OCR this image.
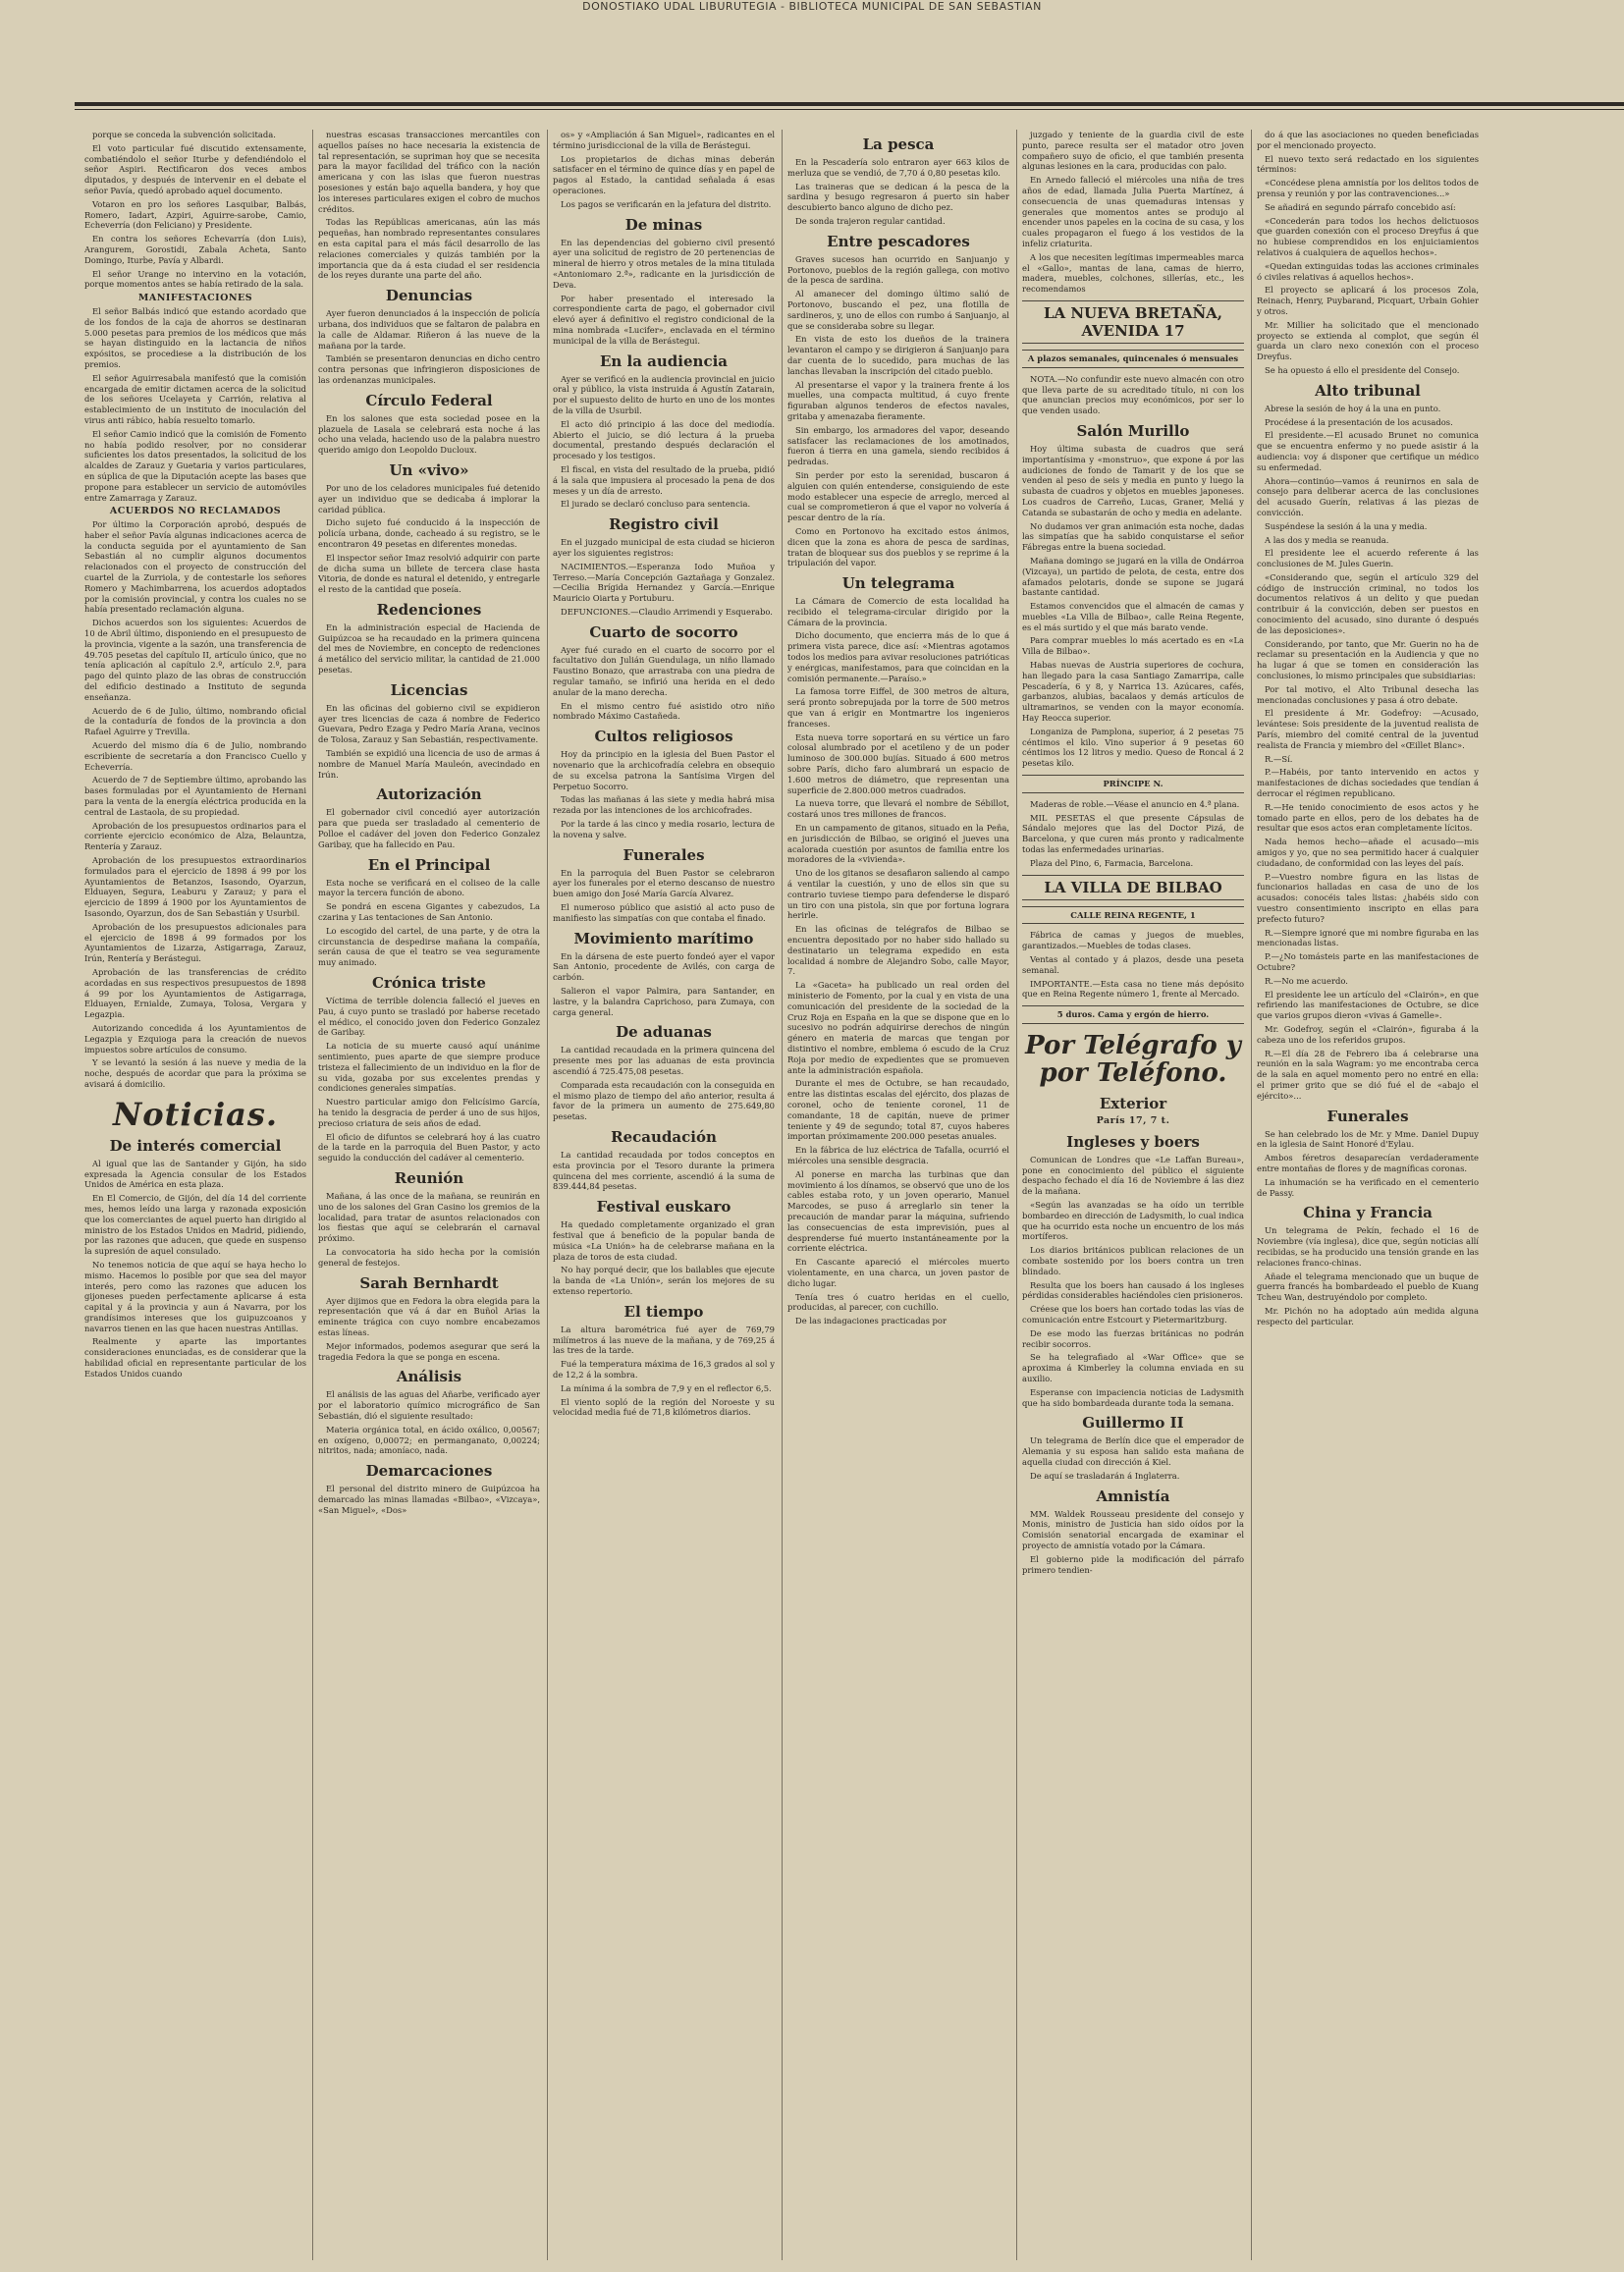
DONOSTIAKO UDAL LIBURUTEGIA - BIBLIOTECA MUNICIPAL DE SAN SEBASTIAN

porque se conceda la subvención solicitada.

El voto particular fué discutido extensamente, combatiéndolo el señor Iturbe y defendiéndolo el señor Aspiri. Rectificaron dos veces ambos diputados, y después de intervenir en el debate el señor Pavía, quedó aprobado aquel documento.

Votaron en pro los señores Lasquibar, Balbás, Romero, Iadart, Azpiri, Aguirre-sarobe, Camio, Echeverría (don Feliciano) y Presidente.

En contra los señores Echevarría (don Luis), Arangurem, Gorostidi, Zabala Acheta, Santo Domingo, Iturbe, Pavía y Albardi.

El señor Urange no intervino en la votación, porque momentos antes se había retirado de la sala.

MANIFESTACIONES

El señor Balbás indicó que estando acordado que de los fondos de la caja de ahorros se destinaran 5.000 pesetas para premios de los médicos que más se hayan distinguido en la lactancia de niños expósitos, se procediese a la distribución de los premios.

El señor Aguirresabala manifestó que la comisión encargada de emitir dictamen acerca de la solicitud de los señores Ucelayeta y Carrión, relativa al establecimiento de un instituto de inoculación del virus anti rábico, había resuelto tomarlo.

El señor Camio indicó que la comisión de Fomento no había podido resolver, por no considerar suficientes los datos presentados, la solicitud de los alcaldes de Zarauz y Guetaria y varios particulares, en súplica de que la Diputación acepte las bases que propone para establecer un servicio de automóviles entre Zamarraga y Zarauz.

ACUERDOS NO RECLAMADOS

Por último la Corporación aprobó, después de haber el señor Pavía algunas indicaciones acerca de la conducta seguida por el ayuntamiento de San Sebastián al no cumplir algunos documentos relacionados con el proyecto de construcción del cuartel de la Zurriola, y de contestarle los señores Romero y Machimbarrena, los acuerdos adoptados por la comisión provincial, y contra los cuales no se había presentado reclamación alguna.

Dichos acuerdos son los siguientes: Acuerdos de 10 de Abril último, disponiendo en el presupuesto de la provincia, vigente a la sazón, una transferencia de 49.705 pesetas del capítulo II, artículo único, que no tenía aplicación al capítulo 2.º, artículo 2.º, para pago del quinto plazo de las obras de construcción del edificio destinado a Instituto de segunda enseñanza.

Acuerdo de 6 de Julio, último, nombrando oficial de la contaduría de fondos de la provincia a don Rafael Aguirre y Trevilla.

Acuerdo del mismo día 6 de Julio, nombrando escribiente de secretaría a don Francisco Cuello y Echeverría.

Acuerdo de 7 de Septiembre último, aprobando las bases formuladas por el Ayuntamiento de Hernani para la venta de la energía eléctrica producida en la central de Lastaola, de su propiedad.

Aprobación de los presupuestos ordinarios para el corriente ejercicio económico de Alza, Belauntza, Rentería y Zarauz.

Aprobación de los presupuestos extraordinarios formulados para el ejercicio de 1898 á 99 por los Ayuntamientos de Betanzos, Isasondo, Oyarzun, Elduayen, Segura, Leaburu y Zarauz; y para el ejercicio de 1899 á 1900 por los Ayuntamientos de Isasondo, Oyarzun, dos de San Sebastián y Usurbil.

Aprobación de los presupuestos adicionales para el ejercicio de 1898 á 99 formados por los Ayuntamientos de Lizarza, Astigarraga, Zarauz, Irún, Rentería y Berástegui.

Aprobación de las transferencias de crédito acordadas en sus respectivos presupuestos de 1898 á 99 por los Ayuntamientos de Astigarraga, Elduayen, Ernialde, Zumaya, Tolosa, Vergara y Legazpia.

Autorizando concedida á los Ayuntamientos de Legazpia y Ezquioga para la creación de nuevos impuestos sobre artículos de consumo.

Y se levantó la sesión á las nueve y media de la noche, después de acordar que para la próxima se avisará á domicilio.

Noticias.
De interés comercial

Al igual que las de Santander y Gijón, ha sido expresada la Agencia consular de los Estados Unidos de América en esta plaza.

En El Comercio, de Gijón, del día 14 del corriente mes, hemos leído una larga y razonada exposición que los comerciantes de aquel puerto han dirigido al ministro de los Estados Unidos en Madrid, pidiendo, por las razones que aducen, que quede en suspenso la supresión de aquel consulado.

No tenemos noticia de que aquí se haya hecho lo mismo. Hacemos lo posible por que sea del mayor interés, pero como las razones que aducen los gijoneses pueden perfectamente aplicarse á esta capital y á la provincia y aun á Navarra, por los grandísimos intereses que los guipuzcoanos y navarros tienen en las que hacen nuestras Antillas.

Realmente y aparte las importantes consideraciones enunciadas, es de considerar que la habilidad oficial en representante particular de los Estados Unidos cuando

nuestras escasas transacciones mercantiles con aquellos países no hace necesaria la existencia de tal representación, se supriman hoy que se necesita para la mayor facilidad del tráfico con la nación americana y con las islas que fueron nuestras posesiones y están bajo aquella bandera, y hoy que los intereses particulares exigen el cobro de muchos créditos.

Todas las Repúblicas americanas, aún las más pequeñas, han nombrado representantes consulares en esta capital para el más fácil desarrollo de las relaciones comerciales y quizás también por la importancia que da á esta ciudad el ser residencia de los reyes durante una parte del año.

Denuncias

Ayer fueron denunciados á la inspección de policía urbana, dos individuos que se faltaron de palabra en la calle de Aldamar. Riñeron á las nueve de la mañana por la tarde.

También se presentaron denuncias en dicho centro contra personas que infringieron disposiciones de las ordenanzas municipales.

Círculo Federal

En los salones que esta sociedad posee en la plazuela de Lasala se celebrará esta noche á las ocho una velada, haciendo uso de la palabra nuestro querido amigo don Leopoldo Ducloux.

Un «vivo»

Por uno de los celadores municipales fué detenido ayer un individuo que se dedicaba á implorar la caridad pública.

Dicho sujeto fué conducido á la inspección de policía urbana, donde, cacheado á su registro, se le encontraron 49 pesetas en diferentes monedas.

El inspector señor Imaz resolvió adquirir con parte de dicha suma un billete de tercera clase hasta Vitoria, de donde es natural el detenido, y entregarle el resto de la cantidad que poseía.

Redenciones

En la administración especial de Hacienda de Guipúzcoa se ha recaudado en la primera quincena del mes de Noviembre, en concepto de redenciones á metálico del servicio militar, la cantidad de 21.000 pesetas.

Licencias

En las oficinas del gobierno civil se expidieron ayer tres licencias de caza á nombre de Federico Guevara, Pedro Ezaga y Pedro María Arana, vecinos de Tolosa, Zarauz y San Sebastián, respectivamente.

También se expidió una licencia de uso de armas á nombre de Manuel María Mauleón, avecindado en Irún.

Autorización

El gobernador civil concedió ayer autorización para que pueda ser trasladado al cementerio de Polloe el cadáver del joven don Federico Gonzalez Garibay, que ha fallecido en Pau.

En el Principal

Esta noche se verificará en el coliseo de la calle mayor la tercera función de abono.

Se pondrá en escena Gigantes y cabezudos, La czarina y Las tentaciones de San Antonio.

Lo escogido del cartel, de una parte, y de otra la circunstancia de despedirse mañana la compañía, serán causa de que el teatro se vea seguramente muy animado.

Crónica triste

Víctima de terrible dolencia falleció el jueves en Pau, á cuyo punto se trasladó por haberse recetado el médico, el conocido joven don Federico Gonzalez de Garibay.

La noticia de su muerte causó aquí unánime sentimiento, pues aparte de que siempre produce tristeza el fallecimiento de un individuo en la flor de su vida, gozaba por sus excelentes prendas y condiciones generales simpatías.

Nuestro particular amigo don Felicísimo García, ha tenido la desgracia de perder á uno de sus hijos, precioso criatura de seis años de edad.

El oficio de difuntos se celebrará hoy á las cuatro de la tarde en la parroquia del Buen Pastor, y acto seguido la conducción del cadáver al cementerio.

Reunión

Mañana, á las once de la mañana, se reunirán en uno de los salones del Gran Casino los gremios de la localidad, para tratar de asuntos relacionados con los fiestas que aquí se celebrarán el carnaval próximo.

La convocatoria ha sido hecha por la comisión general de festejos.

Sarah Bernhardt

Ayer dijimos que en Fedora la obra elegida para la representación que vá á dar en Buñol Arias la eminente trágica con cuyo nombre encabezamos estas líneas.

Mejor informados, podemos asegurar que será la tragedia Fedora la que se ponga en escena.

Análisis

El análisis de las aguas del Añarbe, verificado ayer por el laboratorio químico micrográfico de San Sebastián, dió el siguiente resultado:

Materia orgánica total, en ácido oxálico, 0,00567; en oxígeno, 0,00072; en permanganato, 0,00224; nitritos, nada; amoníaco, nada.

Demarcaciones

El personal del distrito minero de Guipúzcoa ha demarcado las minas llamadas «Bilbao», «Vizcaya», «San Miguel», «Dos»

os» y «Ampliación á San Miguel», radicantes en el término jurisdiccional de la villa de Berástegui.

Los propietarios de dichas minas deberán satisfacer en el término de quince días y en papel de pagos al Estado, la cantidad señalada á esas operaciones.

Los pagos se verificarán en la jefatura del distrito.

De minas

En las dependencias del gobierno civil presentó ayer una solicitud de registro de 20 pertenencias de mineral de hierro y otros metales de la mina titulada «Antoniomaro 2.ª», radicante en la jurisdicción de Deva.

Por haber presentado el interesado la correspondiente carta de pago, el gobernador civil elevó ayer á definitivo el registro condicional de la mina nombrada «Lucifer», enclavada en el término municipal de la villa de Berástegui.

En la audiencia

Ayer se verificó en la audiencia provincial en juicio oral y público, la vista instruida á Agustín Zatarain, por el supuesto delito de hurto en uno de los montes de la villa de Usurbil.

El acto dió principio á las doce del mediodía. Abierto el juicio, se dió lectura á la prueba documental, prestando después declaración el procesado y los testigos.

El fiscal, en vista del resultado de la prueba, pidió á la sala que impusiera al procesado la pena de dos meses y un día de arresto.

El jurado se declaró concluso para sentencia.

Registro civil

En el juzgado municipal de esta ciudad se hicieron ayer los siguientes registros:

NACIMIENTOS.—Esperanza Iodo Muñoa y Terreso.—María Concepción Gaztañaga y Gonzalez.—Cecilia Brígida Hernandez y García.—Enrique Mauricio Oiarta y Portuburu.

DEFUNCIONES.—Claudio Arrimendi y Esquerabo.

Cuarto de socorro

Ayer fué curado en el cuarto de socorro por el facultativo don Julián Guendulaga, un niño llamado Faustino Bonazo, que arrastraba con una piedra de regular tamaño, se infirió una herida en el dedo anular de la mano derecha.

En el mismo centro fué asistido otro niño nombrado Máximo Castañeda.

Cultos religiosos

Hoy da principio en la iglesia del Buen Pastor el novenario que la archicofradía celebra en obsequio de su excelsa patrona la Santísima Virgen del Perpetuo Socorro.

Todas las mañanas á las siete y media habrá misa rezada por las intenciones de los archicofrades.

Por la tarde á las cinco y media rosario, lectura de la novena y salve.

Funerales

En la parroquia del Buen Pastor se celebraron ayer los funerales por el eterno descanso de nuestro buen amigo don José María García Alvarez.

El numeroso público que asistió al acto puso de manifiesto las simpatías con que contaba el finado.

Movimiento marítimo

En la dársena de este puerto fondeó ayer el vapor San Antonio, procedente de Avilés, con carga de carbón.

Salieron el vapor Palmira, para Santander, en lastre, y la balandra Caprichoso, para Zumaya, con carga general.

De aduanas

La cantidad recaudada en la primera quincena del presente mes por las aduanas de esta provincia ascendió á 725.475,08 pesetas.

Comparada esta recaudación con la conseguida en el mismo plazo de tiempo del año anterior, resulta á favor de la primera un aumento de 275.649,80 pesetas.

Recaudación

La cantidad recaudada por todos conceptos en esta provincia por el Tesoro durante la primera quincena del mes corriente, ascendió á la suma de 839.444,84 pesetas.

Festival euskaro

Ha quedado completamente organizado el gran festival que á beneficio de la popular banda de música «La Unión» ha de celebrarse mañana en la plaza de toros de esta ciudad.

No hay porqué decir, que los bailables que ejecute la banda de «La Unión», serán los mejores de su extenso repertorio.

El tiempo

La altura barométrica fué ayer de 769,79 milímetros á las nueve de la mañana, y de 769,25 á las tres de la tarde.

Fué la temperatura máxima de 16,3 grados al sol y de 12,2 á la sombra.

La mínima á la sombra de 7,9 y en el reflector 6,5.

El viento sopló de la región del Noroeste y su velocidad media fué de 71,8 kilómetros diarios.

La pesca

En la Pescadería solo entraron ayer 663 kilos de merluza que se vendió, de 7,70 á 0,80 pesetas kilo.

Las traineras que se dedican á la pesca de la sardina y besugo regresaron á puerto sin haber descubierto banco alguno de dicho pez.

De sonda trajeron regular cantidad.

Entre pescadores

Graves sucesos han ocurrido en Sanjuanjo y Portonovo, pueblos de la región gallega, con motivo de la pesca de sardina.

Al amanecer del domingo último salió de Portonovo, buscando el pez, una flotilla de sardineros, y, uno de ellos con rumbo á Sanjuanjo, al que se consideraba sobre su llegar.

En vista de esto los dueños de la trainera levantaron el campo y se dirigieron á Sanjuanjo para dar cuenta de lo sucedido, para muchas de las lanchas llevaban la inscripción del citado pueblo.

Al presentarse el vapor y la trainera frente á los muelles, una compacta multitud, á cuyo frente figuraban algunos tenderos de efectos navales, gritaba y amenazaba fieramente.

Sin embargo, los armadores del vapor, deseando satisfacer las reclamaciones de los amotinados, fueron á tierra en una gamela, siendo recibidos á pedradas.

Sin perder por esto la serenidad, buscaron á alguien con quién entenderse, consiguiendo de este modo establecer una especie de arreglo, merced al cual se comprometieron á que el vapor no volvería á pescar dentro de la ría.

Como en Portonovo ha excitado estos ánimos, dicen que la zona es ahora de pesca de sardinas, tratan de bloquear sus dos pueblos y se reprime á la tripulación del vapor.

Un telegrama

La Cámara de Comercio de esta localidad ha recibido el telegrama-circular dirigido por la Cámara de la provincia.

Dicho documento, que encierra más de lo que á primera vista parece, dice así: «Mientras agotamos todos los medios para avivar resoluciones patrióticas y enérgicas, manifestamos, para que coincidan en la comisión permanente.—Paraíso.»

La famosa torre Eiffel, de 300 metros de altura, será pronto sobrepujada por la torre de 500 metros que van á erigir en Montmartre los ingenieros franceses.

Esta nueva torre soportará en su vértice un faro colosal alumbrado por el acetileno y de un poder luminoso de 300.000 bujías. Situado á 600 metros sobre París, dicho faro alumbrará un espacio de 1.600 metros de diámetro, que representan una superficie de 2.800.000 metros cuadrados.

La nueva torre, que llevará el nombre de Sébillot, costará unos tres millones de francos.

En un campamento de gitanos, situado en la Peña, en jurisdicción de Bilbao, se originó el jueves una acalorada cuestión por asuntos de familia entre los moradores de la «vivienda».

Uno de los gitanos se desafiaron saliendo al campo á ventilar la cuestión, y uno de ellos sin que su contrario tuviese tiempo para defenderse le disparó un tiro con una pistola, sin que por fortuna lograra herirle.

En las oficinas de telégrafos de Bilbao se encuentra depositado por no haber sido hallado su destinatario un telegrama expedido en esta localidad á nombre de Alejandro Sobo, calle Mayor, 7.

La «Gaceta» ha publicado un real orden del ministerio de Fomento, por la cual y en vista de una comunicación del presidente de la sociedad de la Cruz Roja en España en la que se dispone que en lo sucesivo no podrán adquirirse derechos de ningún género en materia de marcas que tengan por distintivo el nombre, emblema ó escudo de la Cruz Roja por medio de expedientes que se promueven ante la administración española.

Durante el mes de Octubre, se han recaudado, entre las distintas escalas del ejército, dos plazas de coronel, ocho de teniente coronel, 11 de comandante, 18 de capitán, nueve de primer teniente y 49 de segundo; total 87, cuyos haberes importan próximamente 200.000 pesetas anuales.

En la fábrica de luz eléctrica de Tafalla, ocurrió el miércoles una sensible desgracia.

Al ponerse en marcha las turbinas que dan movimiento á los dínamos, se observó que uno de los cables estaba roto, y un joven operario, Manuel Marcodes, se puso á arreglarlo sin tener la precaución de mandar parar la máquina, sufriendo las consecuencias de esta imprevisión, pues al desprenderse fué muerto instantáneamente por la corriente eléctrica.

En Cascante apareció el miércoles muerto violentamente, en una charca, un joven pastor de dicho lugar.

Tenía tres ó cuatro heridas en el cuello, producidas, al parecer, con cuchillo.

De las indagaciones practicadas por

juzgado y teniente de la guardia civil de este punto, parece resulta ser el matador otro joven compañero suyo de oficio, el que también presenta algunas lesiones en la cara, producidas con palo.

En Arnedo falleció el miércoles una niña de tres años de edad, llamada Julia Puerta Martínez, á consecuencia de unas quemaduras intensas y generales que momentos antes se produjo al encender unos papeles en la cocina de su casa, y los cuales propagaron el fuego á los vestidos de la infeliz criaturita.

A los que necesiten legítimas impermeables marca el «Gallo», mantas de lana, camas de hierro, madera, muebles, colchones, sillerías, etc., les recomendamos

LA NUEVA BRETAÑA, AVENIDA 17
A plazos semanales, quincenales ó mensuales

NOTA.—No confundir este nuevo almacén con otro que lleva parte de su acreditado título, ni con los que anuncian precios muy económicos, por ser lo que venden usado.

Salón Murillo

Hoy última subasta de cuadros que será importantísima y «monstruo», que expone á por las audiciones de fondo de Tamarit y de los que se venden al peso de seis y media en punto y luego la subasta de cuadros y objetos en muebles japoneses. Los cuadros de Carreño, Lucas, Graner, Meliá y Catanda se subastarán de ocho y media en adelante.

No dudamos ver gran animación esta noche, dadas las simpatías que ha sabido conquistarse el señor Fábregas entre la buena sociedad.

Mañana domingo se jugará en la villa de Ondárroa (Vizcaya), un partido de pelota, de cesta, entre dos afamados pelotaris, donde se supone se jugará bastante cantidad.

Estamos convencidos que el almacén de camas y muebles «La Villa de Bilbao», calle Reina Regente, es el más surtido y el que más barato vende.

Para comprar muebles lo más acertado es en «La Villa de Bilbao».

Habas nuevas de Austria superiores de cochura, han llegado para la casa Santiago Zamarripa, calle Pescadería, 6 y 8, y Narrica 13. Azúcares, cafés, garbanzos, alubias, bacalaos y demás artículos de ultramarinos, se venden con la mayor economía. Hay Reocca superior.

Longaniza de Pamplona, superior, á 2 pesetas 75 céntimos el kilo. Vino superior á 9 pesetas 60 céntimos los 12 litros y medio. Queso de Roncal á 2 pesetas kilo.

PRÍNCIPE N.

Maderas de roble.—Véase el anuncio en 4.ª plana.

MIL PESETAS el que presente Cápsulas de Sándalo mejores que las del Doctor Pizá, de Barcelona, y que curen más pronto y radicalmente todas las enfermedades urinarias.

Plaza del Pino, 6, Farmacia, Barcelona.

LA VILLA DE BILBAO
CALLE REINA REGENTE, 1

Fábrica de camas y juegos de muebles, garantizados.—Muebles de todas clases.

Ventas al contado y á plazos, desde una peseta semanal.

IMPORTANTE.—Esta casa no tiene más depósito que en Reina Regente número 1, frente al Mercado.

5 duros. Cama y ergón de hierro.
Por Telégrafo y por Teléfono.
Exterior
París 17, 7 t.
Ingleses y boers

Comunican de Londres que «Le Laffan Bureau», pone en conocimiento del público el siguiente despacho fechado el día 16 de Noviembre á las diez de la mañana.

«Según las avanzadas se ha oído un terrible bombardeo en dirección de Ladysmith, lo cual indica que ha ocurrido esta noche un encuentro de los más mortíferos.

Los diarios británicos publican relaciones de un combate sostenido por los boers contra un tren blindado.

Resulta que los boers han causado á los ingleses pérdidas considerables haciéndoles cien prisioneros.

Créese que los boers han cortado todas las vías de comunicación entre Estcourt y Pietermaritzburg.

De ese modo las fuerzas británicas no podrán recibir socorros.

Se ha telegrafiado al «War Office» que se aproxima á Kimberley la columna enviada en su auxilio.

Esperanse con impaciencia noticias de Ladysmith que ha sido bombardeada durante toda la semana.

Guillermo II

Un telegrama de Berlín dice que el emperador de Alemania y su esposa han salido esta mañana de aquella ciudad con dirección á Kiel.

De aquí se trasladarán á Inglaterra.

Amnistía

MM. Waldek Rousseau presidente del consejo y Monis, ministro de Justicia han sido oídos por la Comisión senatorial encargada de examinar el proyecto de amnistía votado por la Cámara.

El gobierno pide la modificación del párrafo primero tendien-

do á que las asociaciones no queden beneficiadas por el mencionado proyecto.

El nuevo texto será redactado en los siguientes términos:

«Concédese plena amnistía por los delitos todos de prensa y reunión y por las contravenciones...»

Se añadirá en segundo párrafo concebido así:

«Concederán para todos los hechos delictuosos que guarden conexión con el proceso Dreyfus á que no hubiese comprendidos en los enjuiciamientos relativos á cualquiera de aquellos hechos».

«Quedan extinguidas todas las acciones criminales ó civiles relativas á aquellos hechos».

El proyecto se aplicará á los procesos Zola, Reinach, Henry, Puybarand, Picquart, Urbain Gohier y otros.

Mr. Millier ha solicitado que el mencionado proyecto se extienda al complot, que según él guarda un claro nexo conexión con el proceso Dreyfus.

Se ha opuesto á ello el presidente del Consejo.

Alto tribunal

Abrese la sesión de hoy á la una en punto.

Procédese á la presentación de los acusados.

El presidente.—El acusado Brunet no comunica que se encuentra enfermo y no puede asistir á la audiencia: voy á disponer que certifique un médico su enfermedad.

Ahora—continúo—vamos á reunirnos en sala de consejo para deliberar acerca de las conclusiones del acusado Guerín, relativas á las piezas de convicción.

Suspéndese la sesión á la una y media.

A las dos y media se reanuda.

El presidente lee el acuerdo referente á las conclusiones de M. Jules Guerin.

«Considerando que, según el artículo 329 del código de instrucción criminal, no todos los documentos relativos á un delito y que puedan contribuir á la convicción, deben ser puestos en conocimiento del acusado, sino durante ó después de las deposiciones».

Considerando, por tanto, que Mr. Guerin no ha de reclamar su presentación en la Audiencia y que no ha lugar á que se tomen en consideración las conclusiones, lo mismo principales que subsidiarias:

Por tal motivo, el Alto Tribunal desecha las mencionadas conclusiones y pasa á otro debate.

El presidente á Mr. Godefroy: —Acusado, levántese: Sois presidente de la juventud realista de París, miembro del comité central de la juventud realista de Francia y miembro del «Œillet Blanc».

R.—Sí.

P.—Habéis, por tanto intervenido en actos y manifestaciones de dichas sociedades que tendían á derrocar el régimen republicano.

R.—He tenido conocimiento de esos actos y he tomado parte en ellos, pero de los debates ha de resultar que esos actos eran completamente lícitos.

Nada hemos hecho—añade el acusado—mis amigos y yo, que no sea permitido hacer á cualquier ciudadano, de conformidad con las leyes del país.

P.—Vuestro nombre figura en las listas de funcionarios halladas en casa de uno de los acusados: conocéis tales listas: ¿habéis sido con vuestro consentimiento inscripto en ellas para prefecto futuro?

R.—Siempre ignoré que mi nombre figuraba en las mencionadas listas.

P.—¿No tomásteis parte en las manifestaciones de Octubre?

R.—No me acuerdo.

El presidente lee un artículo del «Clairón», en que refiriendo las manifestaciones de Octubre, se dice que varios grupos dieron «vivas á Gamelle».

Mr. Godefroy, según el «Clairón», figuraba á la cabeza uno de los referidos grupos.

R.—El día 28 de Febrero iba á celebrarse una reunión en la sala Wagram: yo me encontraba cerca de la sala en aquel momento pero no entré en ella: el primer grito que se dió fué el de «abajo el ejército»...

Funerales

Se han celebrado los de Mr. y Mme. Daniel Dupuy en la iglesia de Saint Honoré d'Eylau.

Ambos féretros desaparecían verdaderamente entre montañas de flores y de magníficas coronas.

La inhumación se ha verificado en el cementerio de Passy.

China y Francia

Un telegrama de Pekín, fechado el 16 de Noviembre (vía inglesa), dice que, según noticias allí recibidas, se ha producido una tensión grande en las relaciones franco-chinas.

Añade el telegrama mencionado que un buque de guerra francés ha bombardeado el pueblo de Kuang Tcheu Wan, destruyéndolo por completo.

Mr. Pichón no ha adoptado aún medida alguna respecto del particular.
